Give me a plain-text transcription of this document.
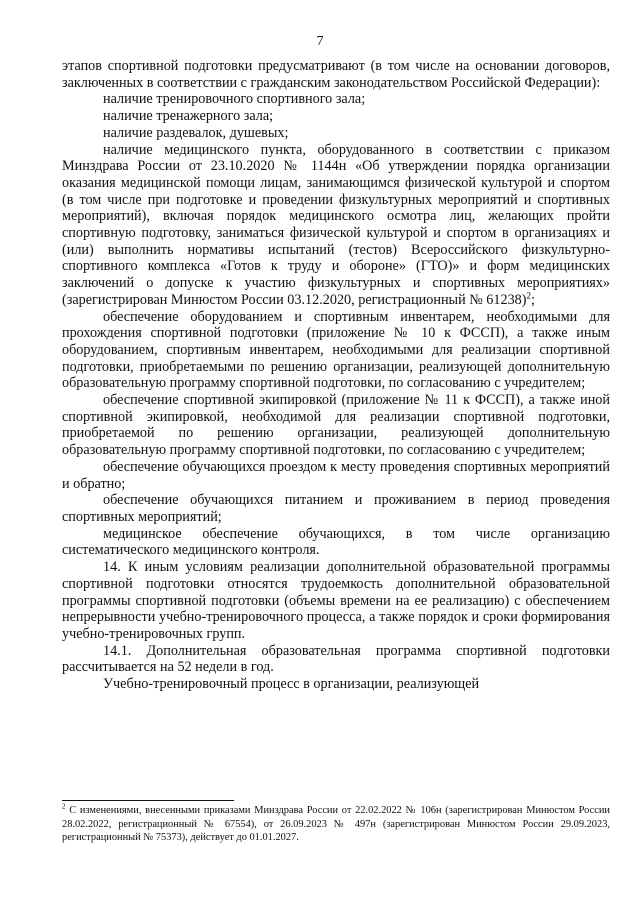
7

этапов спортивной подготовки предусматривают (в том числе на основании договоров, заключенных в соответствии с гражданским законодательством Российской Федерации):

наличие тренировочного спортивного зала;

наличие тренажерного зала;

наличие раздевалок, душевых;

наличие медицинского пункта, оборудованного в соответствии с приказом Минздрава России от 23.10.2020 № 1144н «Об утверждении порядка организации оказания медицинской помощи лицам, занимающимся физической культурой и спортом (в том числе при подготовке и проведении физкультурных мероприятий и спортивных мероприятий), включая порядок медицинского осмотра лиц, желающих пройти спортивную подготовку, заниматься физической культурой и спортом в организациях и (или) выполнить нормативы испытаний (тестов) Всероссийского физкультурно-спортивного комплекса «Готов к труду и обороне» (ГТО)» и форм медицинских заключений о допуске к участию физкультурных и спортивных мероприятиях» (зарегистрирован Минюстом России 03.12.2020, регистрационный № 61238)$^2$;

обеспечение оборудованием и спортивным инвентарем, необходимыми для прохождения спортивной подготовки (приложение № 10 к ФССП), а также иным оборудованием, спортивным инвентарем, необходимыми для реализации спортивной подготовки, приобретаемыми по решению организации, реализующей дополнительную образовательную программу спортивной подготовки, по согласованию с учредителем;

обеспечение спортивной экипировкой (приложение № 11 к ФССП), а также иной спортивной экипировкой, необходимой для реализации спортивной подготовки, приобретаемой по решению организации, реализующей дополнительную образовательную программу спортивной подготовки, по согласованию с учредителем;

обеспечение обучающихся проездом к месту проведения спортивных мероприятий и обратно;

обеспечение обучающихся питанием и проживанием в период проведения спортивных мероприятий;

медицинское обеспечение обучающихся, в том числе организацию систематического медицинского контроля.

14. К иным условиям реализации дополнительной образовательной программы спортивной подготовки относятся трудоемкость дополнительной образовательной программы спортивной подготовки (объемы времени на ее реализацию) с обеспечением непрерывности учебно-тренировочного процесса, а также порядок и сроки формирования учебно-тренировочных групп.

14.1. Дополнительная образовательная программа спортивной подготовки рассчитывается на 52 недели в год.

Учебно-тренировочный процесс в организации, реализующей

$^2$ С изменениями, внесенными приказами Минздрава России от 22.02.2022 № 106н (зарегистрирован Минюстом России 28.02.2022, регистрационный № 67554), от 26.09.2023 № 497н (зарегистрирован Минюстом России 29.09.2023, регистрационный № 75373), действует до 01.01.2027.
